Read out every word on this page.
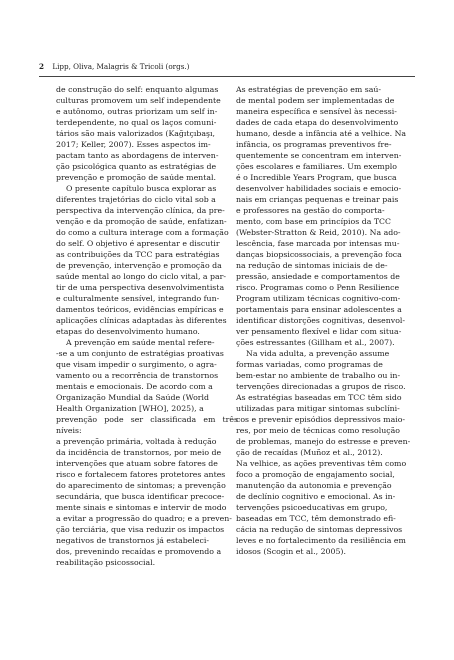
2 Lipp, Oliva, Malagris & Tricoli (orgs.)

de construção do self: enquanto algumas
culturas promovem um self independente
e autônomo, outras priorizam um self in-
terdependente, no qual os laços comuni-
tários são mais valorizados (Kağıtçıbaşı,
2017; Keller, 2007). Esses aspectos im-
pactam tanto as abordagens de interven-
ção psicológica quanto as estratégias de
prevenção e promoção de saúde mental.

O presente capítulo busca explorar as
diferentes trajetórias do ciclo vital sob a
perspectiva da intervenção clínica, da pre-
venção e da promoção de saúde, enfatizan-
do como a cultura interage com a formação
do self. O objetivo é apresentar e discutir
as contribuições da TCC para estratégias
de prevenção, intervenção e promoção da
saúde mental ao longo do ciclo vital, a par-
tir de uma perspectiva desenvolvimentista
e culturalmente sensível, integrando fun-
damentos teóricos, evidências empíricas e
aplicações clínicas adaptadas às diferentes
etapas do desenvolvimento humano.

A prevenção em saúde mental refere-
-se a um conjunto de estratégias proativas
que visam impedir o surgimento, o agra-
vamento ou a recorrência de transtornos
mentais e emocionais. De acordo com a
Organização Mundial da Saúde (World
Health Organization [WHO], 2025), a
prevenção pode ser classificada em três níveis:
a prevenção primária, voltada à redução
da incidência de transtornos, por meio de
intervenções que atuam sobre fatores de
risco e fortalecem fatores protetores antes
do aparecimento de sintomas; a prevenção
secundária, que busca identificar precoce-
mente sinais e sintomas e intervir de modo
a evitar a progressão do quadro; e a preven-
ção terciária, que visa reduzir os impactos
negativos de transtornos já estabeleci-
dos, prevenindo recaídas e promovendo a
reabilitação psicossocial.

As estratégias de prevenção em saú-
de mental podem ser implementadas de
maneira específica e sensível às necessi-
dades de cada etapa do desenvolvimento
humano, desde a infância até a velhice. Na
infância, os programas preventivos fre-
quentemente se concentram em interven-
ções escolares e familiares. Um exemplo
é o Incredible Years Program, que busca
desenvolver habilidades sociais e emocio-
nais em crianças pequenas e treinar pais
e professores na gestão do comporta-
mento, com base em princípios da TCC
(Webster-Stratton & Reid, 2010). Na ado-
lescência, fase marcada por intensas mu-
danças biopsicossociais, a prevenção foca
na redução de sintomas iniciais de de-
pressão, ansiedade e comportamentos de
risco. Programas como o Penn Resilience
Program utilizam técnicas cognitivo-com-
portamentais para ensinar adolescentes a
identificar distorções cognitivas, desenvol-
ver pensamento flexível e lidar com situa-
ções estressantes (Gillham et al., 2007).

Na vida adulta, a prevenção assume
formas variadas, como programas de
bem-estar no ambiente de trabalho ou in-
tervenções direcionadas a grupos de risco.
As estratégias baseadas em TCC têm sido
utilizadas para mitigar sintomas subclíni-
cos e prevenir episódios depressivos maio-
res, por meio de técnicas como resolução
de problemas, manejo do estresse e preven-
ção de recaídas (Muñoz et al., 2012).
Na velhice, as ações preventivas têm como
foco a promoção de engajamento social,
manutenção da autonomia e prevenção
de declínio cognitivo e emocional. As in-
tervenções psicoeducativas em grupo,
baseadas em TCC, têm demonstrado efi-
cácia na redução de sintomas depressivos
leves e no fortalecimento da resiliência em
idosos (Scogin et al., 2005).
